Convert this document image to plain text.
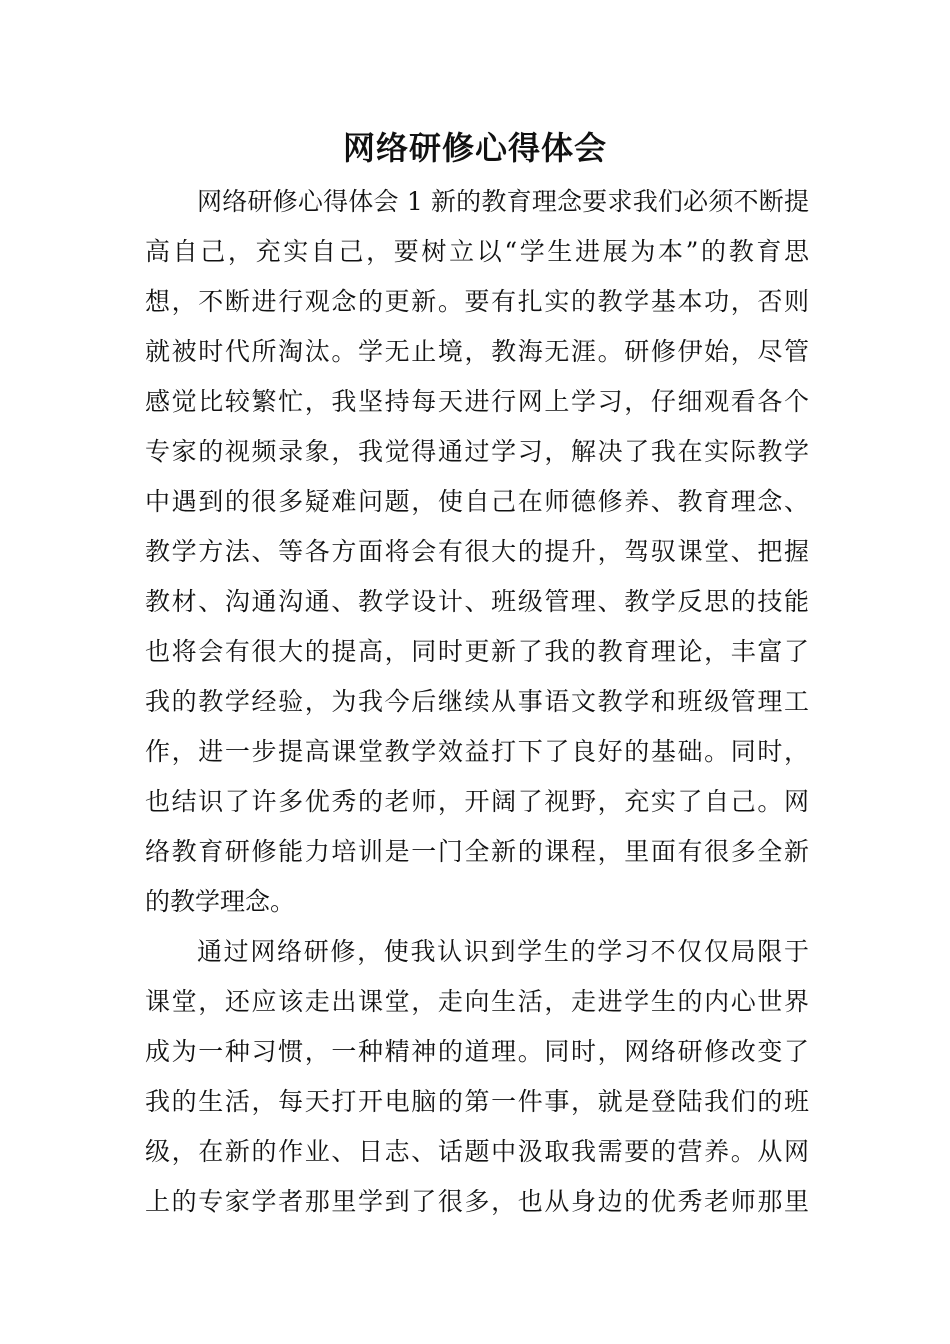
网络研修心得体会
网络研修心得体会 1 新的教育理念要求我们必须不断提
高自己，充实自己，要树立以“学生进展为本”的教育思
想，不断进行观念的更新。要有扎实的教学基本功，否则
就被时代所淘汰。学无止境，教海无涯。研修伊始，尽管
感觉比较繁忙，我坚持每天进行网上学习，仔细观看各个
专家的视频录象，我觉得通过学习，解决了我在实际教学
中遇到的很多疑难问题，使自己在师德修养、教育理念、
教学方法、等各方面将会有很大的提升，驾驭课堂、把握
教材、沟通沟通、教学设计、班级管理、教学反思的技能
也将会有很大的提高，同时更新了我的教育理论，丰富了
我的教学经验，为我今后继续从事语文教学和班级管理工
作，进一步提高课堂教学效益打下了良好的基础。同时，
也结识了许多优秀的老师，开阔了视野，充实了自己。网
络教育研修能力培训是一门全新的课程，里面有很多全新
的教学理念。
通过网络研修，使我认识到学生的学习不仅仅局限于
课堂，还应该走出课堂，走向生活，走进学生的内心世界
成为一种习惯，一种精神的道理。同时，网络研修改变了
我的生活，每天打开电脑的第一件事，就是登陆我们的班
级，在新的作业、日志、话题中汲取我需要的营养。从网
上的专家学者那里学到了很多，也从身边的优秀老师那里
